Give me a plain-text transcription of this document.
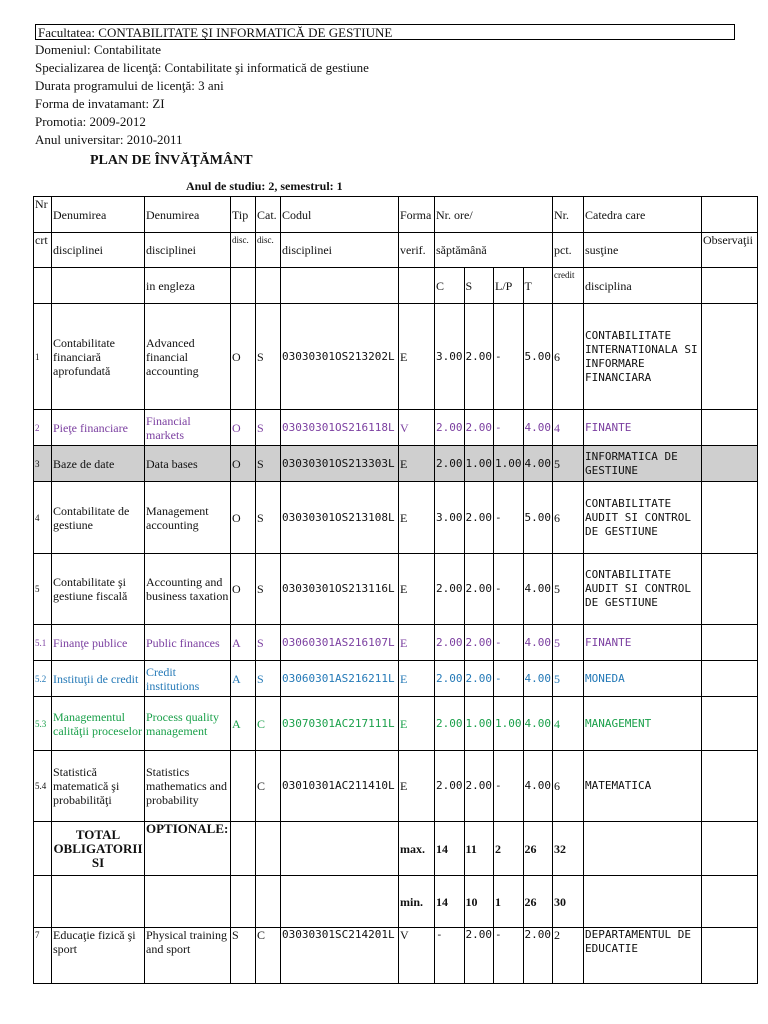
Facultatea: CONTABILITATE ŞI INFORMATICĂ DE GESTIUNE
Domeniul: Contabilitate
Specializarea de licenţă: Contabilitate şi informatică de gestiune
Durata programului de licenţă: 3 ani
Forma de invatamant: ZI
Promotia: 2009-2012
Anul universitar: 2010-2011
PLAN DE ÎNVĂŢĂMÂNT
Anul de studiu: 2, semestrul: 1
Nr	Denumirea	Denumirea	Tip	Cat.	Codul	Forma	Nr. ore/				Nr.	Catedra care	
crt	disciplinei	disciplinei	disc.	disc.	disciplinei	verif.	săptămână				pct.	susţine	Observaţii
		in engleza					C	S	L/P	T	credit	disciplina	
1	Contabilitate financiară aprofundată	Advanced financial accounting	O	S	03030301OS213202L	E	3.00	2.00	-	5.00	6	CONTABILITATE INTERNATIONALA SI INFORMARE FINANCIARA	
2	Pieţe financiare	Financial markets	O	S	03030301OS216118L	V	2.00	2.00	-	4.00	4	FINANTE	
3	Baze de date	Data bases	O	S	03030301OS213303L	E	2.00	1.00	1.00	4.00	5	INFORMATICA DE GESTIUNE	
4	Contabilitate de gestiune	Management accounting	O	S	03030301OS213108L	E	3.00	2.00	-	5.00	6	CONTABILITATE AUDIT SI CONTROL DE GESTIUNE	
5	Contabilitate şi gestiune fiscală	Accounting and business taxation	O	S	03030301OS213116L	E	2.00	2.00	-	4.00	5	CONTABILITATE AUDIT SI CONTROL DE GESTIUNE	
5.1	Finanţe publice	Public finances	A	S	03060301AS216107L	E	2.00	2.00	-	4.00	5	FINANTE	
5.2	Instituţii de credit	Credit institutions	A	S	03060301AS216211L	E	2.00	2.00	-	4.00	5	MONEDA	
5.3	Managementul calităţii proceselor	Process quality management	A	C	03070301AC217111L	E	2.00	1.00	1.00	4.00	4	MANAGEMENT	
5.4	Statistică matematică şi probabilităţi	Statistics mathematics and probability		C	03010301AC211410L	E	2.00	2.00	-	4.00	6	MATEMATICA	
	TOTAL OBLIGATORII SI	OPTIONALE:				max.	14	11	2	26	32		
						min.	14	10	1	26	30		
7	Educaţie fizică şi sport	Physical training and sport	S	C	03030301SC214201L	V	-	2.00	-	2.00	2	DEPARTAMENTUL DE EDUCATIE	
